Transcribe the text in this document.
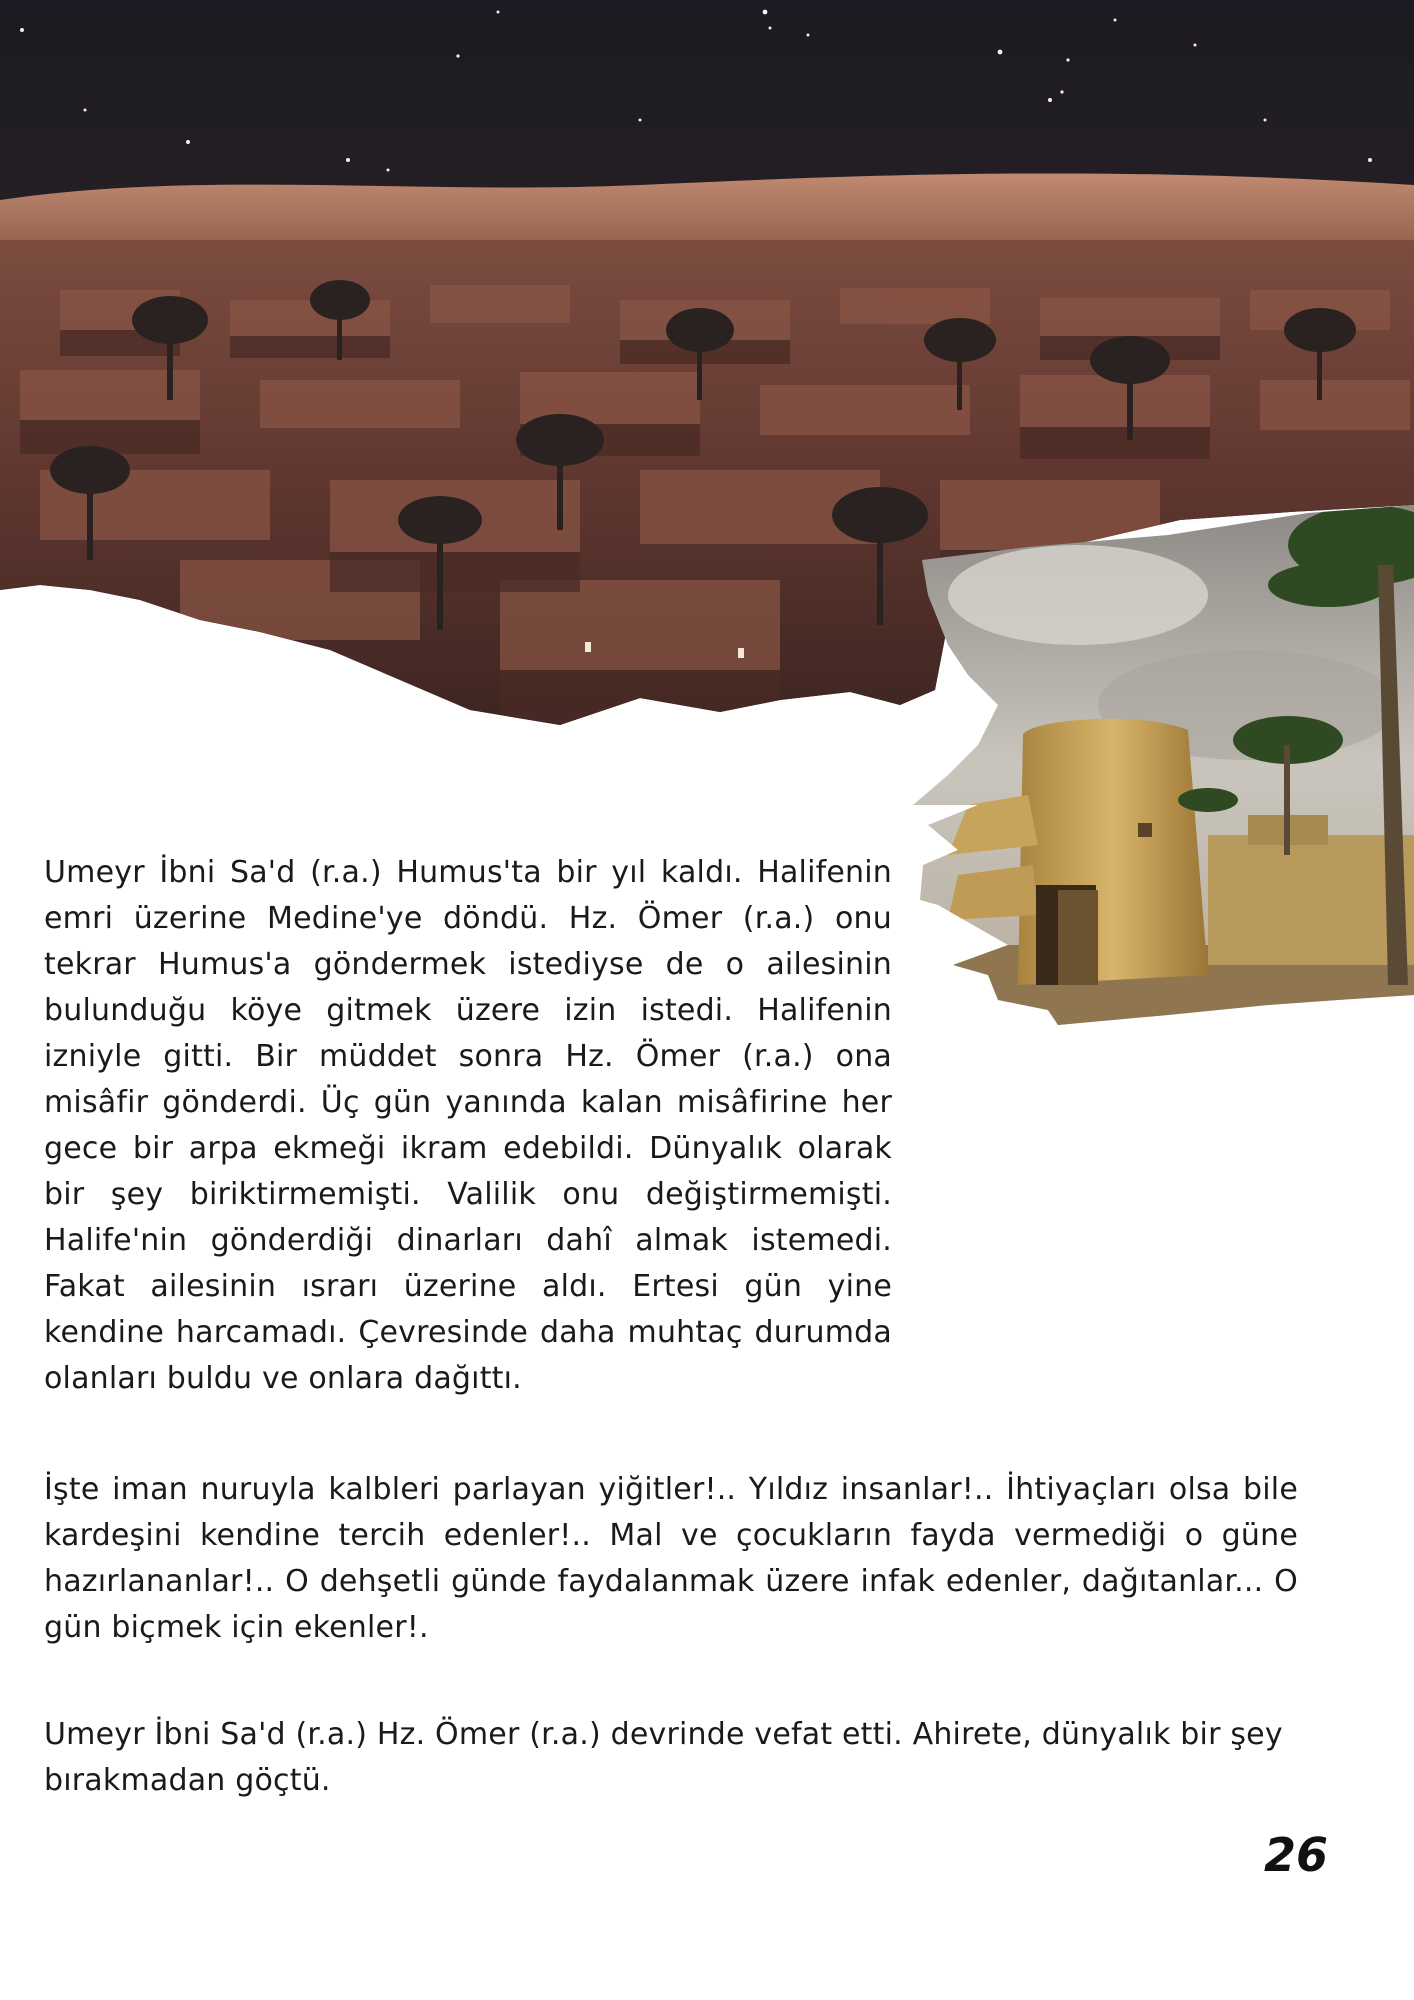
Umeyr İbni Sa'd (r.a.) Humus'ta bir yıl kaldı. Halifenin emri üzerine Medine'ye döndü. Hz. Ömer (r.a.) onu tekrar Humus'a göndermek istediyse de o ailesinin bulunduğu köye gitmek üzere izin istedi. Halifenin izniyle gitti. Bir müddet sonra Hz. Ömer (r.a.) ona misâfir gönderdi. Üç gün yanında kalan misâfirine her gece bir arpa ekmeği ikram edebildi. Dünyalık olarak bir şey biriktirmemişti. Valilik onu değiştirmemişti. Halife'nin gönderdiği dinarları dahî almak istemedi. Fakat ailesinin ısrarı üzerine aldı. Ertesi gün yine kendine harcamadı. Çevresinde daha muhtaç durumda olanları buldu ve onlara dağıttı.

İşte iman nuruyla kalbleri parlayan yiğitler!.. Yıldız insanlar!.. İhtiyaçları olsa bile kardeşini kendine tercih edenler!.. Mal ve çocukların fayda vermediği o güne hazırlananlar!.. O dehşetli günde faydalanmak üzere infak edenler, dağıtanlar... O gün biçmek için ekenler!.

Umeyr İbni Sa'd (r.a.) Hz. Ömer (r.a.) devrinde vefat etti. Ahirete, dünyalık bir şey bırakmadan göçtü.

26
